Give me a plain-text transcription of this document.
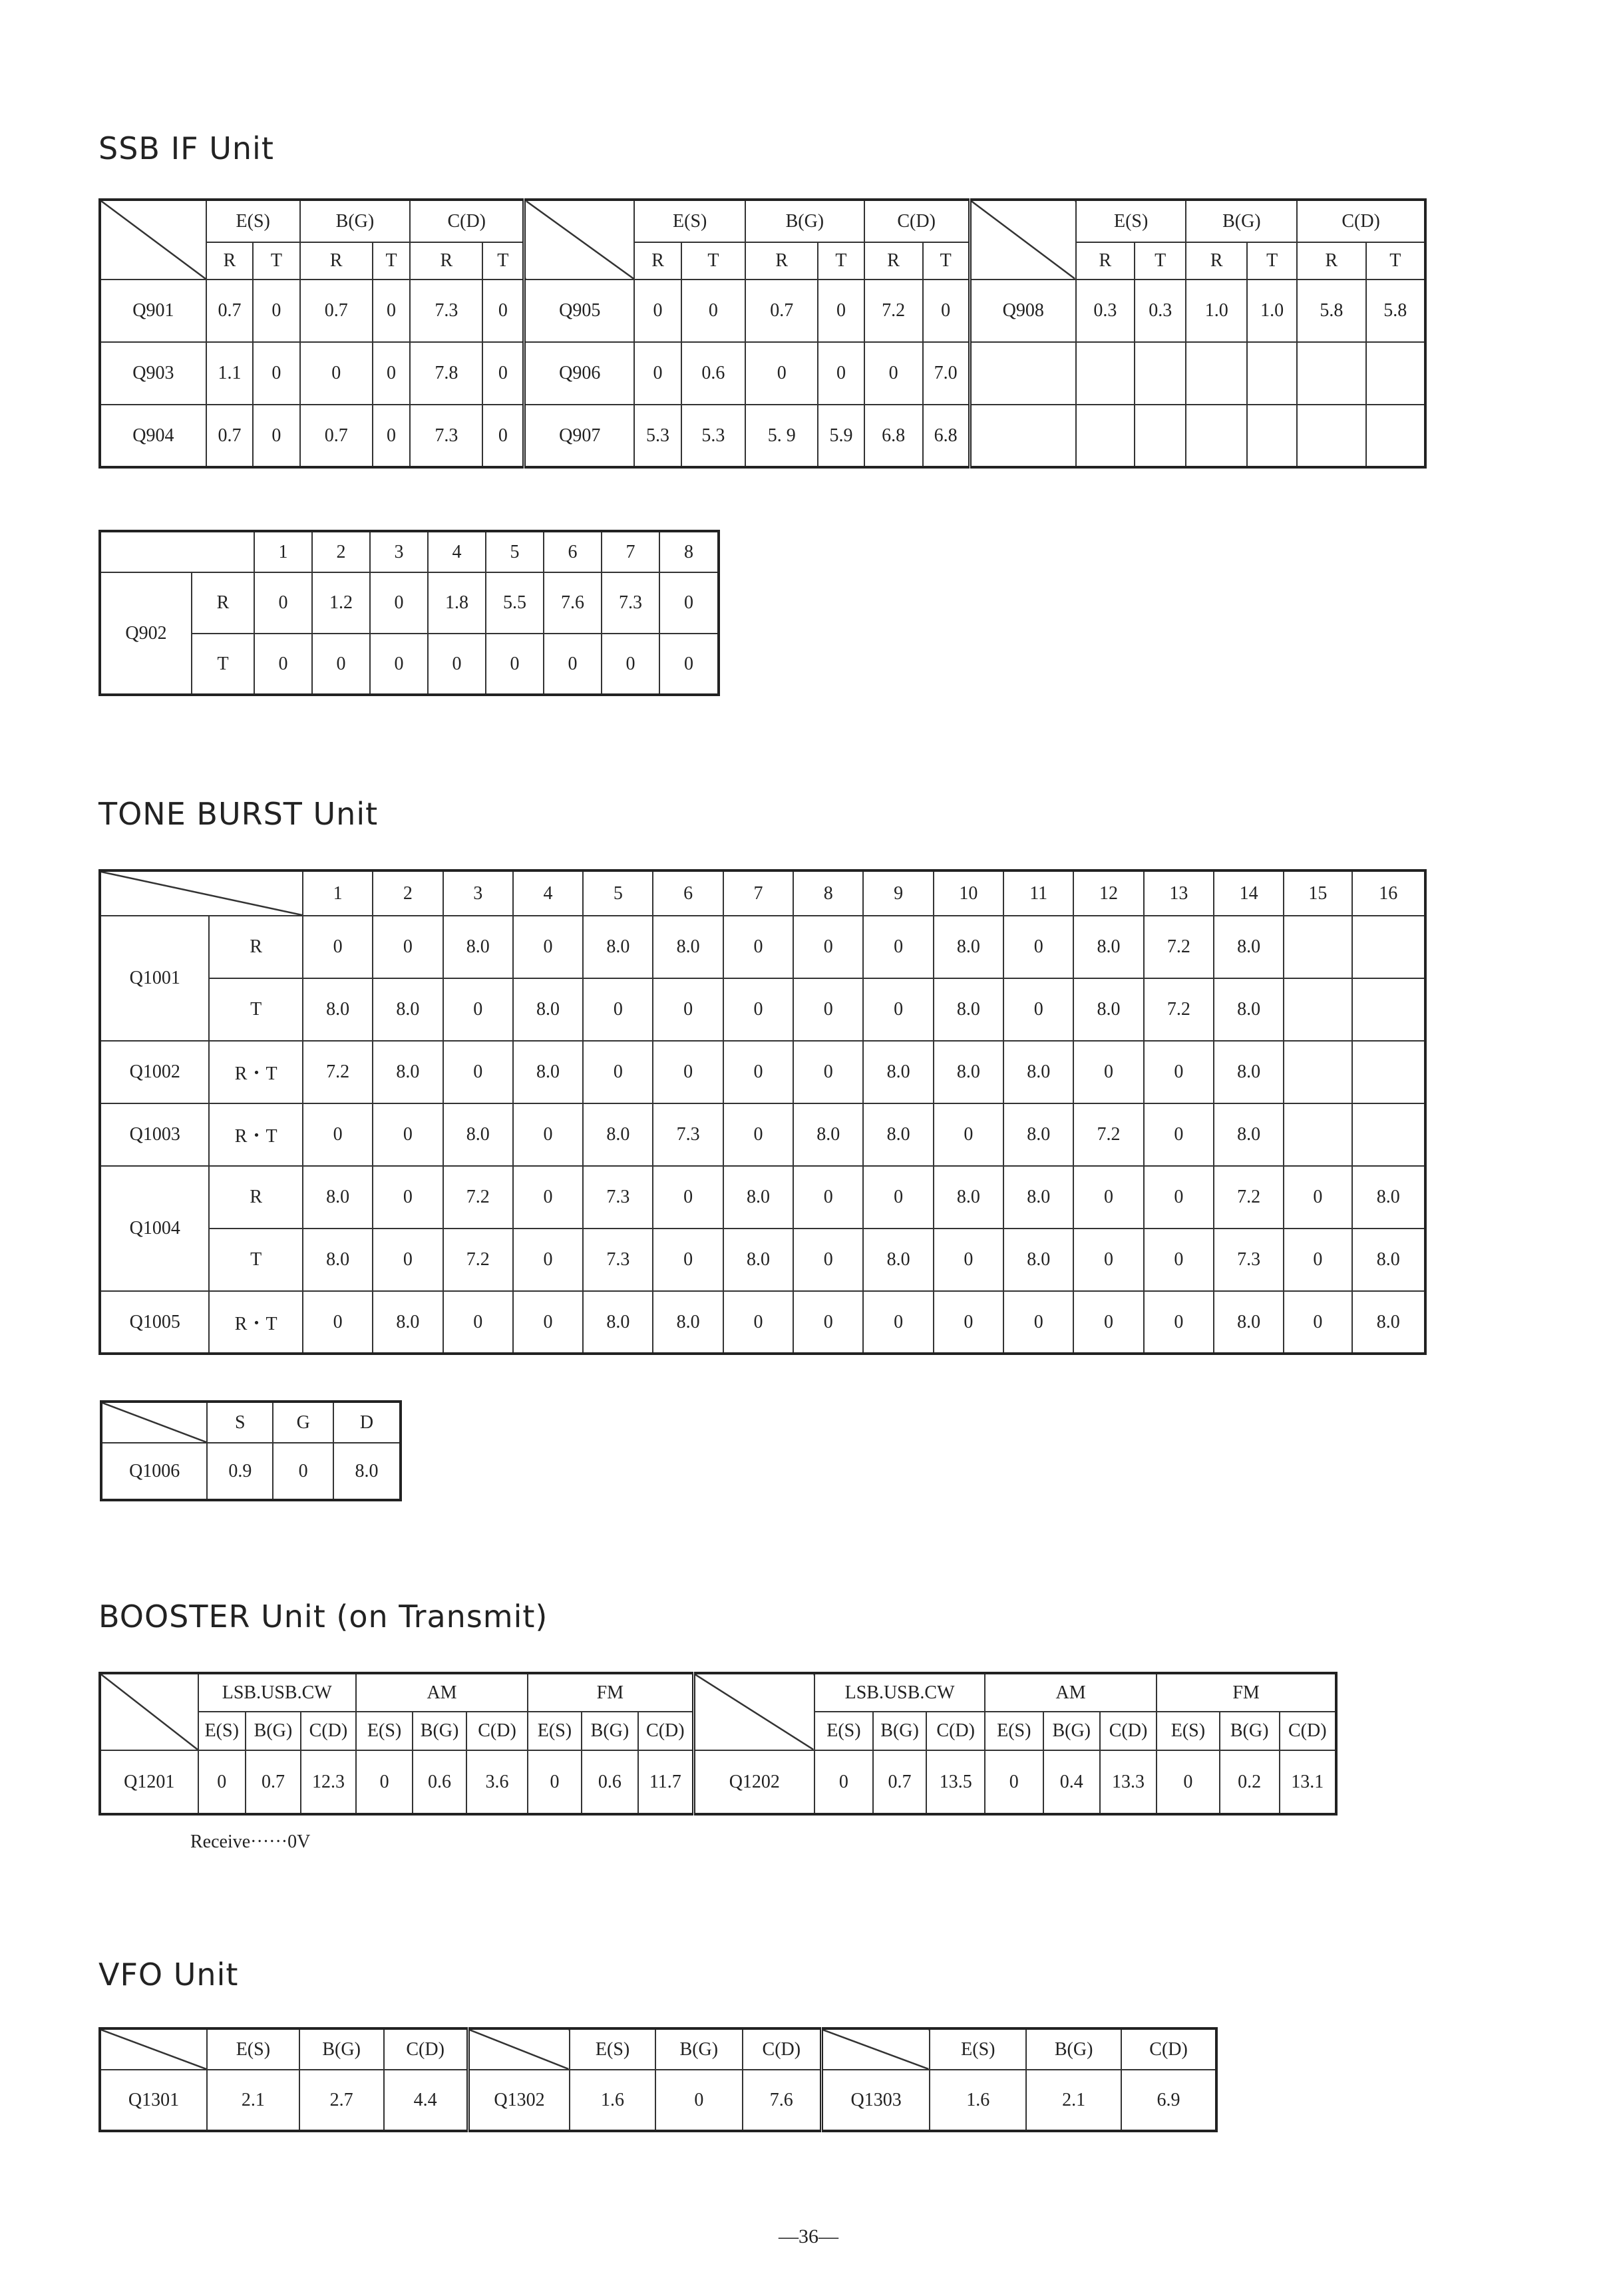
SSB IF Unit
	E(S)		B(G)		C(D)			E(S)		B(G)		C(D)			E(S)		B(G)		C(D)	
	R	T	R	T	R	T		R	T	R	T	R	T		R	T	R	T	R	T
Q901	0.7	0	0.7	0	7.3	0	Q905	0	0	0.7	0	7.2	0	Q908	0.3	0.3	1.0	1.0	5.8	5.8
Q903	1.1	0	0	0	7.8	0	Q906	0	0.6	0	0	0	7.0							
Q904	0.7	0	0.7	0	7.3	0	Q907	5.3	5.3	5. 9	5.9	6.8	6.8							
		1	2	3	4	5	6	7	8
Q902	R	0	1.2	0	1.8	5.5	7.6	7.3	0
	T	0	0	0	0	0	0	0	0
TONE BURST Unit
		1	2	3	4	5	6	7	8	9	10	11	12	13	14	15	16
Q1001	R	0	0	8.0	0	8.0	8.0	0	0	0	8.0	0	8.0	7.2	8.0		
	T	8.0	8.0	0	8.0	0	0	0	0	0	8.0	0	8.0	7.2	8.0		
Q1002	R・T	7.2	8.0	0	8.0	0	0	0	0	8.0	8.0	8.0	0	0	8.0		
Q1003	R・T	0	0	8.0	0	8.0	7.3	0	8.0	8.0	0	8.0	7.2	0	8.0		
Q1004	R	8.0	0	7.2	0	7.3	0	8.0	0	0	8.0	8.0	0	0	7.2	0	8.0
	T	8.0	0	7.2	0	7.3	0	8.0	0	8.0	0	8.0	0	0	7.3	0	8.0
Q1005	R・T	0	8.0	0	0	8.0	8.0	0	0	0	0	0	0	0	8.0	0	8.0
	S	G	D
Q1006	0.9	0	8.0
BOOSTER Unit (on Transmit)
	LSB.USB.CW			AM			FM				LSB.USB.CW			AM			FM		
	E(S)	B(G)	C(D)	E(S)	B(G)	C(D)	E(S)	B(G)	C(D)		E(S)	B(G)	C(D)	E(S)	B(G)	C(D)	E(S)	B(G)	C(D)
Q1201	0	0.7	12.3	0	0.6	3.6	0	0.6	11.7	Q1202	0	0.7	13.5	0	0.4	13.3	0	0.2	13.1
Receive······0V
VFO Unit
	E(S)	B(G)	C(D)		E(S)	B(G)	C(D)		E(S)	B(G)	C(D)
Q1301	2.1	2.7	4.4	Q1302	1.6	0	7.6	Q1303	1.6	2.1	6.9
—36—
